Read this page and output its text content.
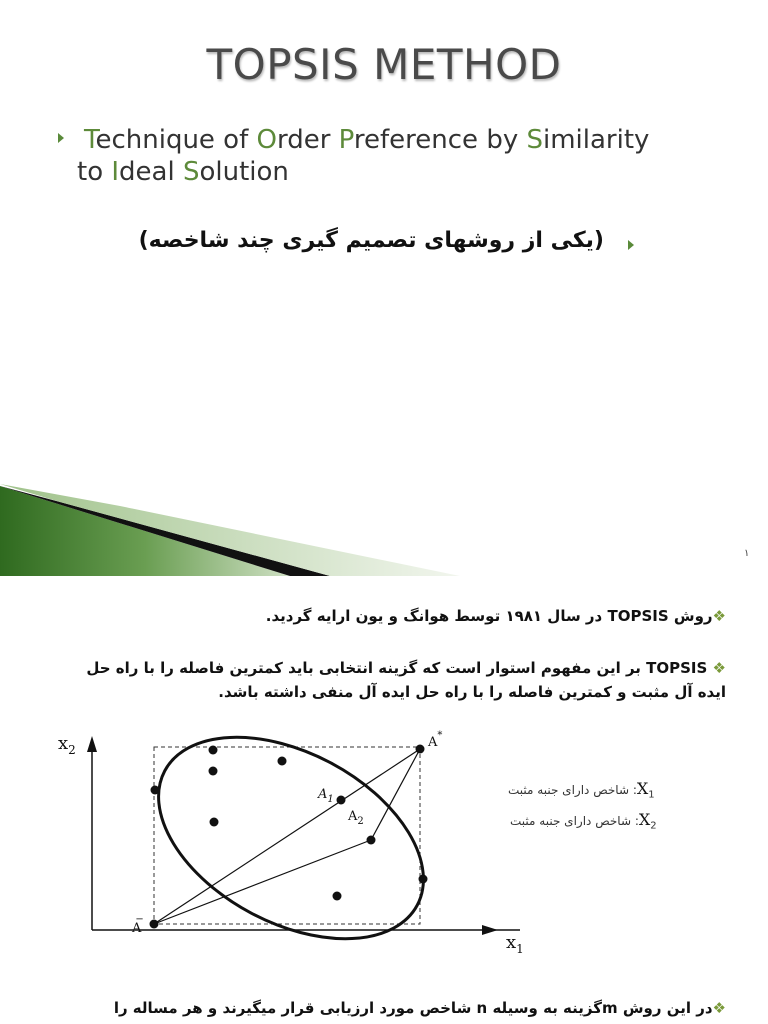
TOPSIS METHOD
Technique of Order Preference by Similarity
to Ideal Solution
(یکی از روشهای تصمیم گیری چند شاخصه)
۱
❖روش TOPSIS در سال ۱۹۸۱ توسط هوانگ و یون ارایه گردید.
❖ TOPSIS بر این مفهوم استوار است که گزینه انتخابی باید کمترین فاصله را با راه حل ایده آل مثبت و کمترین فاصله را با راه حل ایده آل منفی داشته باشد.
$x_2$
$x_1$
A*
A−
$A_1$
$A_2$
$X_1$: شاخص دارای جنبه مثبت
$X_2$: شاخص دارای جنبه مثبت
❖در این روش mگزینه به وسیله n شاخص مورد ارزیابی قرار میگیرند و هر مساله را
